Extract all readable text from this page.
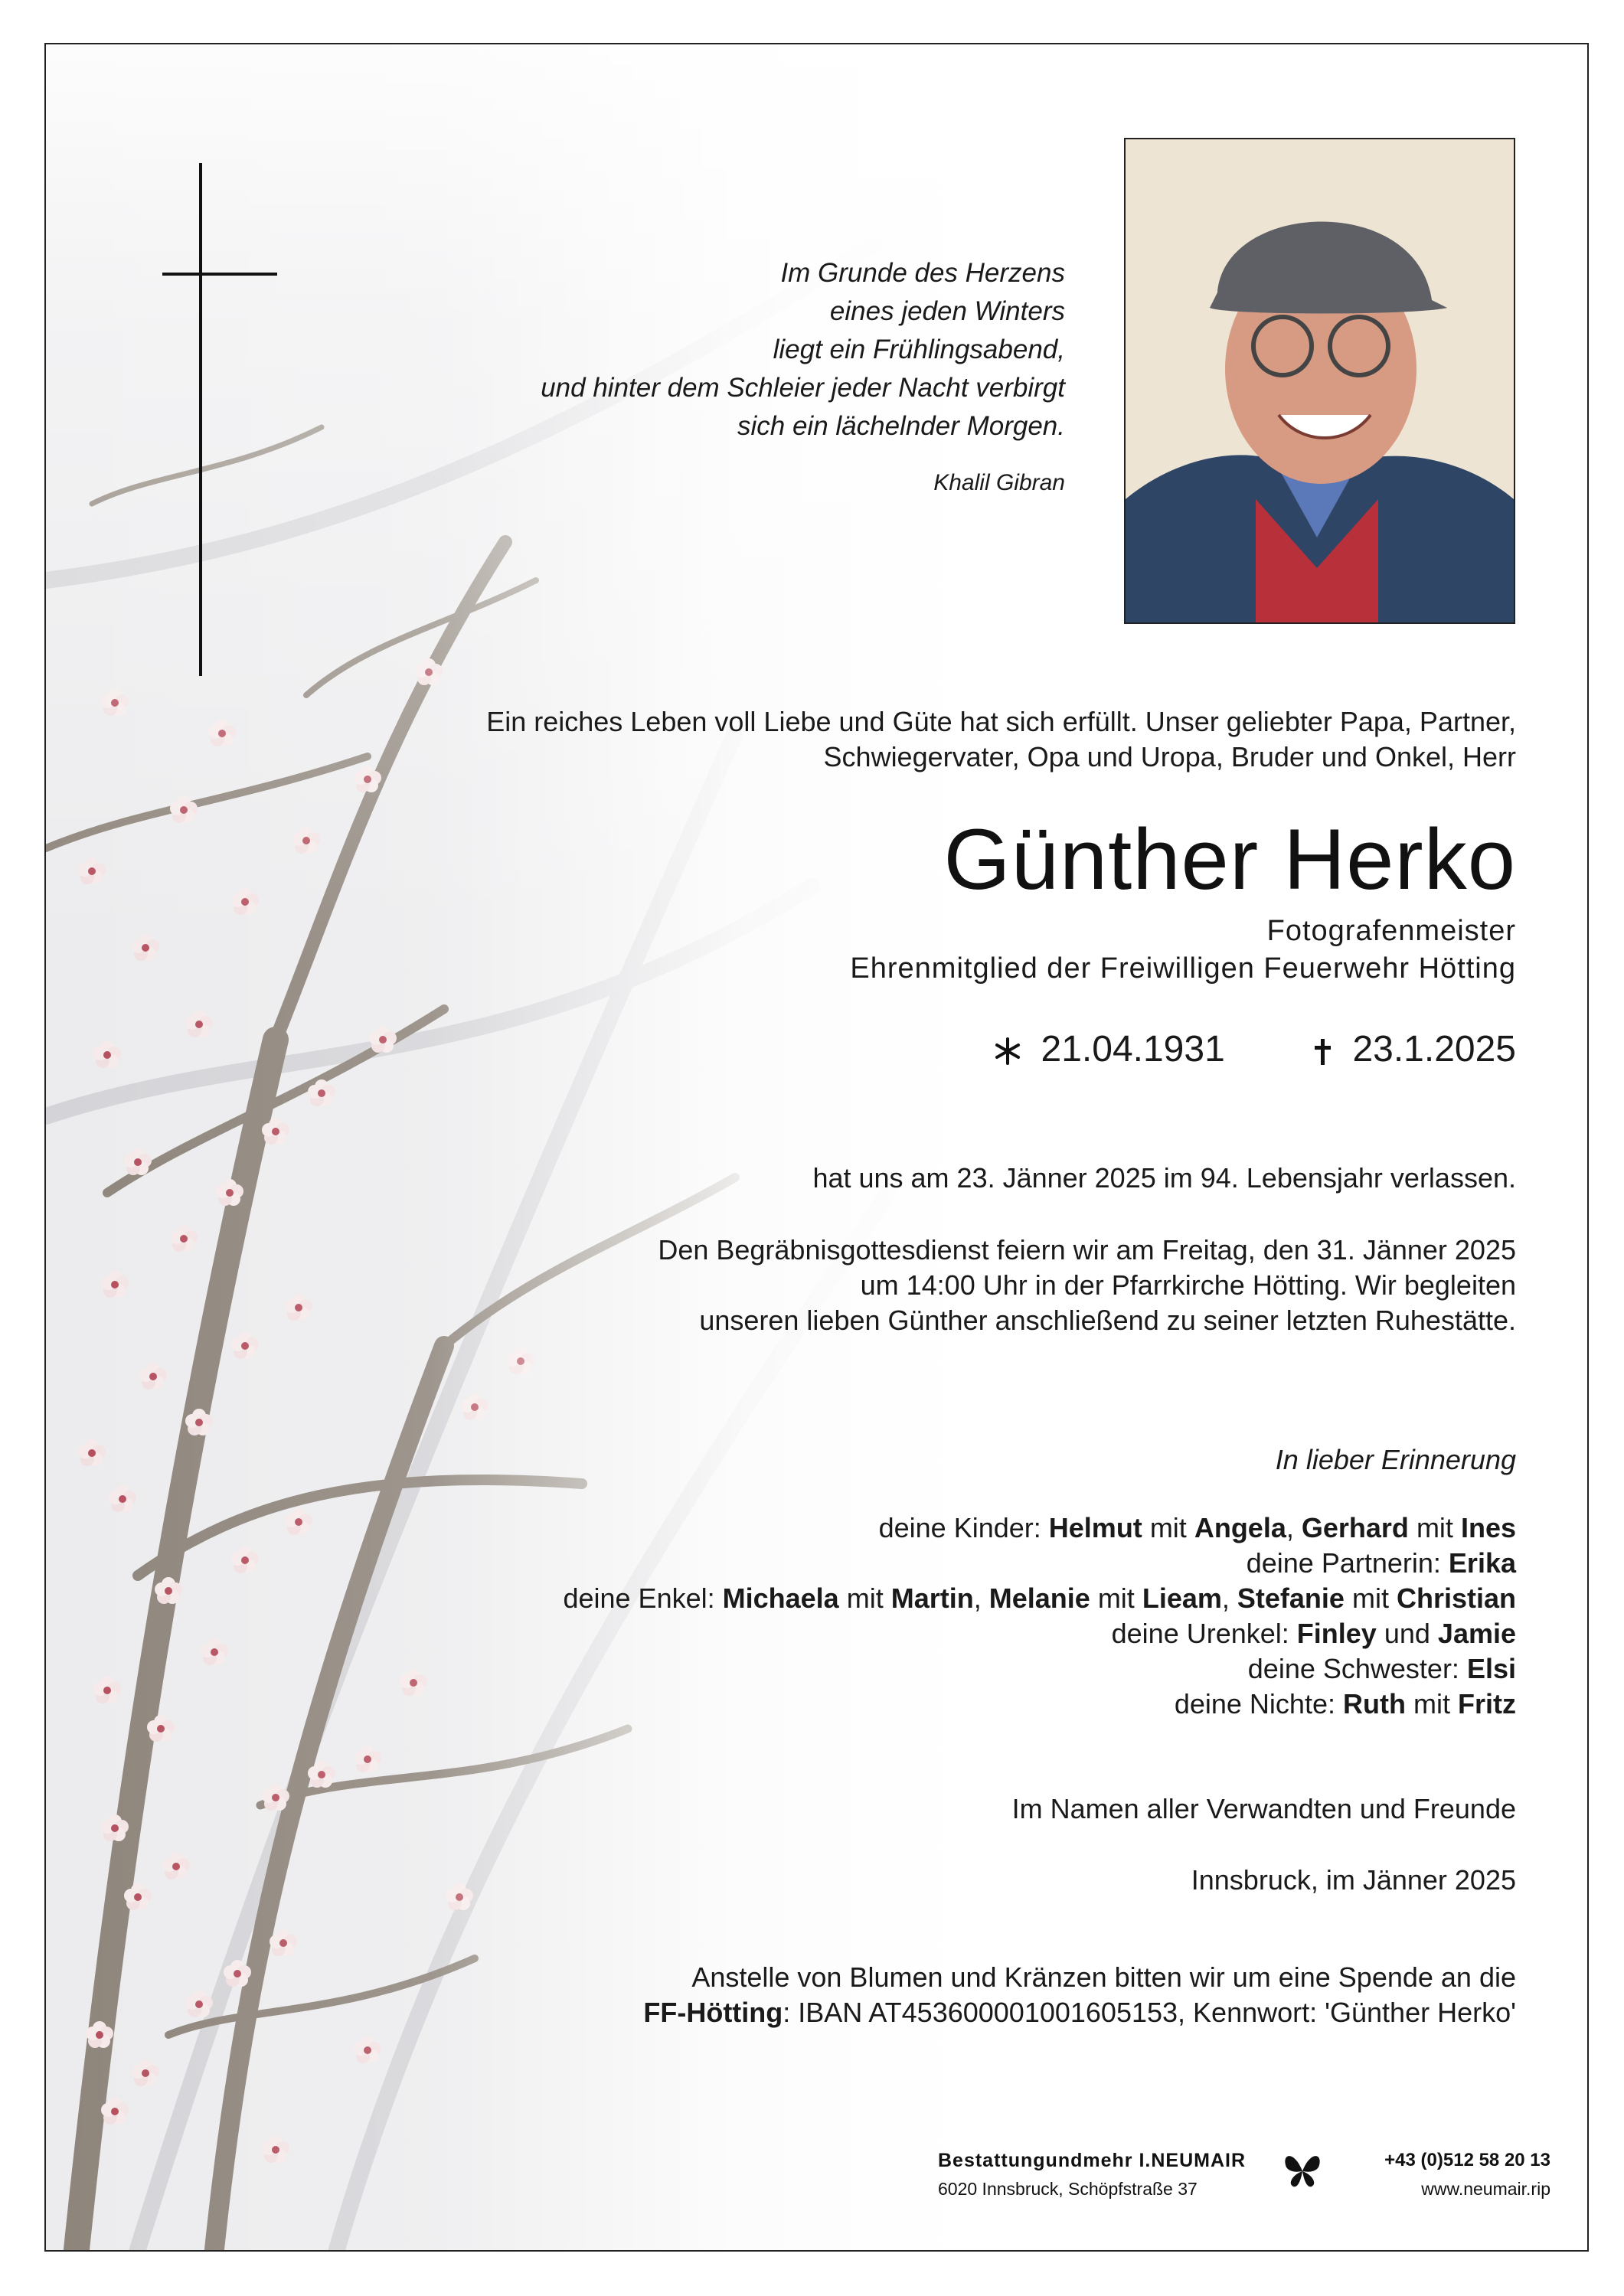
Im Grunde des Herzens
eines jeden Winters
liegt ein Frühlingsabend,
und hinter dem Schleier jeder Nacht verbirgt
sich ein lächelnder Morgen.
Khalil Gibran
Ein reiches Leben voll Liebe und Güte hat sich erfüllt. Unser geliebter Papa, Partner,
Schwiegervater, Opa und Uropa, Bruder und Onkel, Herr
Günther Herko
Fotografenmeister
Ehrenmitglied der Freiwilligen Feuerwehr Hötting
21.04.1931	23.1.2025
hat uns am 23. Jänner 2025 im 94. Lebensjahr verlassen.
Den Begräbnisgottesdienst feiern wir am Freitag, den 31. Jänner 2025
um 14:00 Uhr in der Pfarrkirche Hötting. Wir begleiten
unseren lieben Günther anschließend zu seiner letzten Ruhestätte.
In lieber Erinnerung
deine Kinder: Helmut mit Angela, Gerhard mit Ines
deine Partnerin: Erika
deine Enkel: Michaela mit Martin, Melanie mit Lieam, Stefanie mit Christian
deine Urenkel: Finley und Jamie
deine Schwester: Elsi
deine Nichte: Ruth mit Fritz
Im Namen aller Verwandten und Freunde
Innsbruck, im Jänner 2025
Anstelle von Blumen und Kränzen bitten wir um eine Spende an die
FF-Hötting: IBAN AT453600001001605153, Kennwort: 'Günther Herko'
Bestattungundmehr I.NEUMAIR
6020 Innsbruck, Schöpfstraße 37
+43 (0)512 58 20 13
www.neumair.rip
